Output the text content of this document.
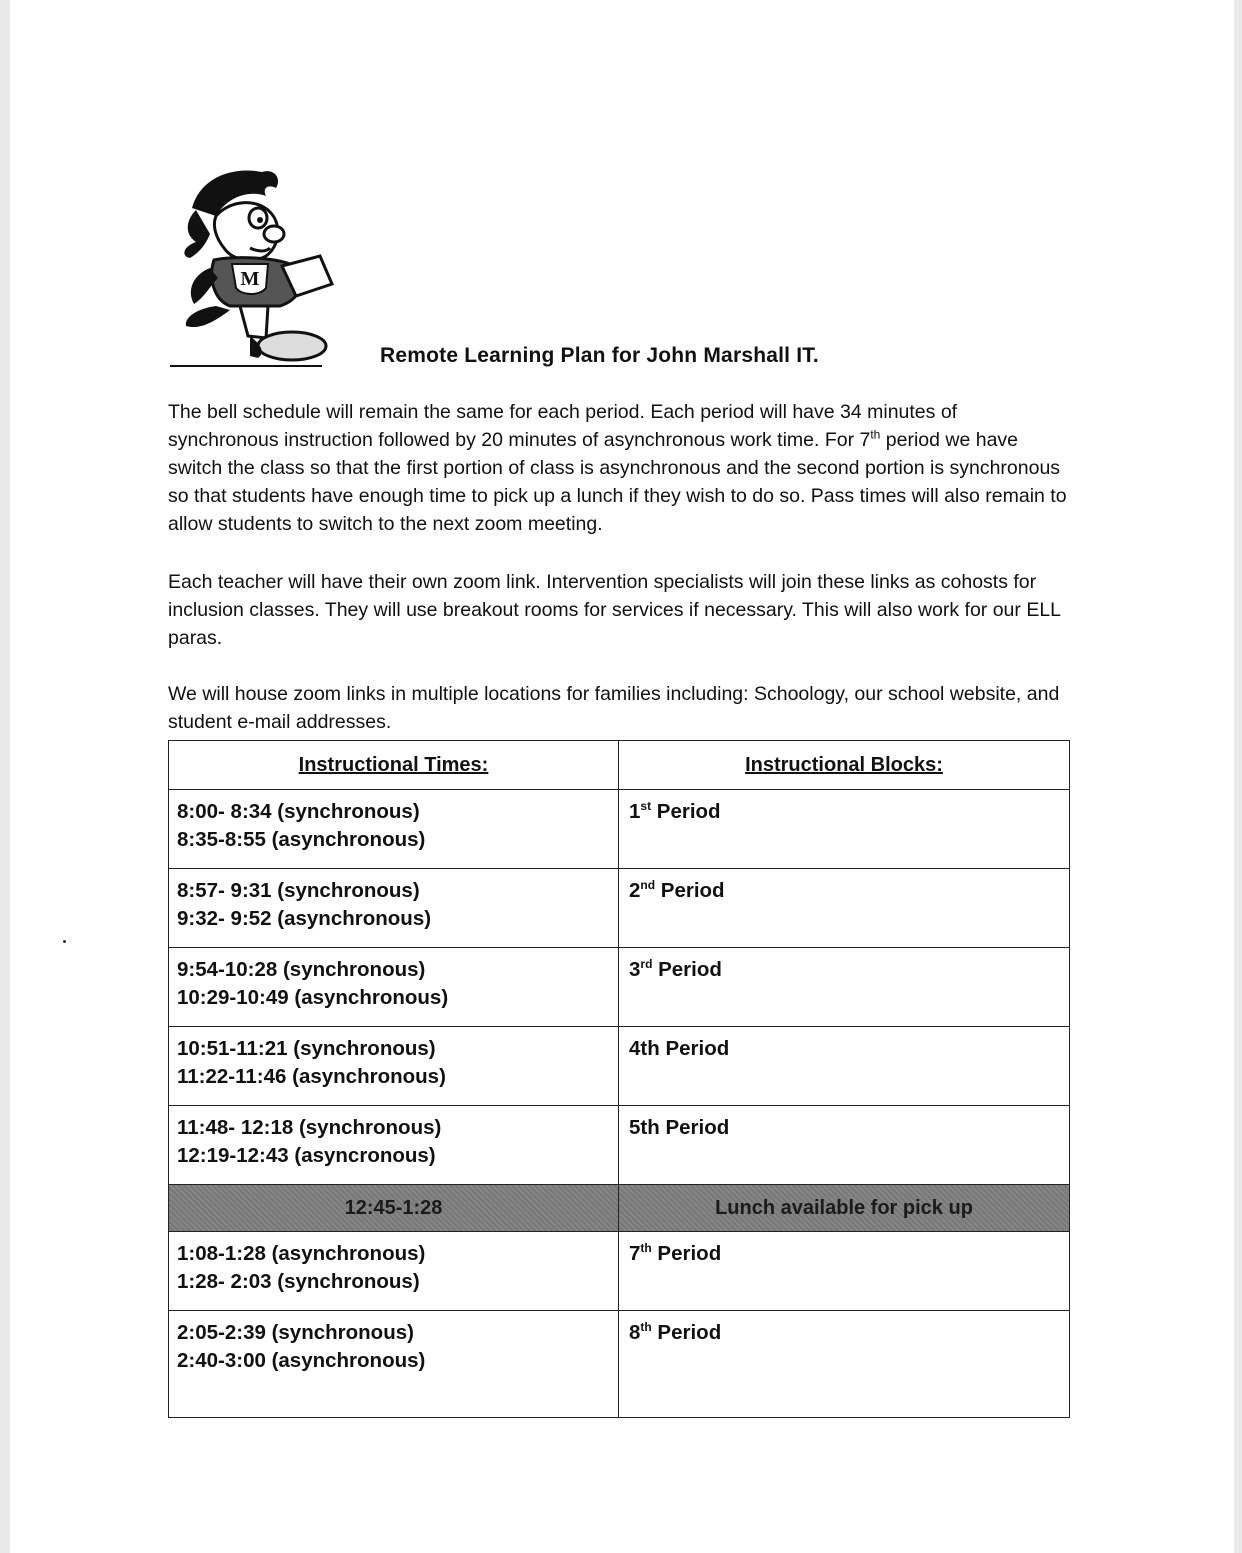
M
Remote Learning Plan for John Marshall IT.

The bell schedule will remain the same for each period. Each period will have 34 minutes of synchronous instruction followed by 20 minutes of asynchronous work time. For 7th period we have switch the class so that the first portion of class is asynchronous and the second portion is synchronous so that students have enough time to pick up a lunch if they wish to do so. Pass times will also remain to allow students to switch to the next zoom meeting.

Each teacher will have their own zoom link. Intervention specialists will join these links as cohosts for inclusion classes. They will use breakout rooms for services if necessary. This will also work for our ELL paras.

We will house zoom links in multiple locations for families including: Schoology, our school website, and student e-mail addresses.

Instructional Times:	Instructional Blocks:

8:00- 8:34 (synchronous)
8:35-8:55 (asynchronous)	1st Period

8:57- 9:31 (synchronous)
9:32- 9:52 (asynchronous)	2nd Period

9:54-10:28 (synchronous)
10:29-10:49 (asynchronous)	3rd Period

10:51-11:21 (synchronous)
11:22-11:46 (asynchronous)	4th Period

11:48- 12:18 (synchronous)
12:19-12:43 (asyncronous)	5th Period
12:45-1:28	Lunch available for pick up

1:08-1:28 (asynchronous)
1:28- 2:03 (synchronous)	7th Period

2:05-2:39 (synchronous)
2:40-3:00 (asynchronous)	8th Period
